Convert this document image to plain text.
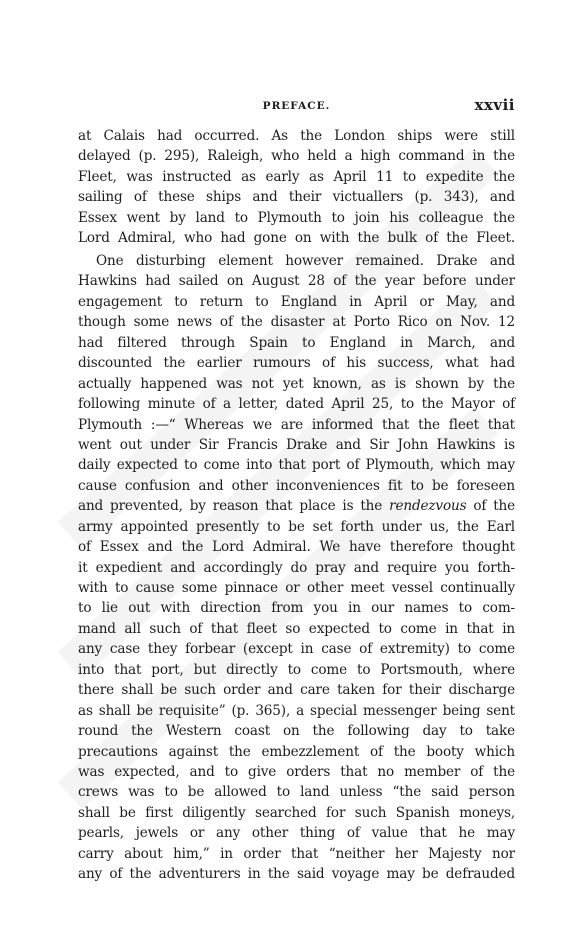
PREFACE.	xxvii
at Calais had occurred. As the London ships were still
delayed (p. 295), Raleigh, who held a high command in the
Fleet, was instructed as early as April 11 to expedite the
sailing of these ships and their victuallers (p. 343), and
Essex went by land to Plymouth to join his colleague the
Lord Admiral, who had gone on with the bulk of the Fleet.
One disturbing element however remained. Drake and
Hawkins had sailed on August 28 of the year before under
engagement to return to England in April or May, and
though some news of the disaster at Porto Rico on Nov. 12
had filtered through Spain to England in March, and
discounted the earlier rumours of his success, what had
actually happened was not yet known, as is shown by the
following minute of a letter, dated April 25, to the Mayor of
Plymouth :—“ Whereas we are informed that the fleet that
went out under Sir Francis Drake and Sir John Hawkins is
daily expected to come into that port of Plymouth, which may
cause confusion and other inconveniences fit to be foreseen
and prevented, by reason that place is the rendezvous of the
army appointed presently to be set forth under us, the Earl
of Essex and the Lord Admiral. We have therefore thought
it expedient and accordingly do pray and require you forth-
with to cause some pinnace or other meet vessel continually
to lie out with direction from you in our names to com-
mand all such of that fleet so expected to come in that in
any case they forbear (except in case of extremity) to come
into that port, but directly to come to Portsmouth, where
there shall be such order and care taken for their discharge
as shall be requisite” (p. 365), a special messenger being sent
round the Western coast on the following day to take
precautions against the embezzlement of the booty which
was expected, and to give orders that no member of the
crews was to be allowed to land unless “the said person
shall be first diligently searched for such Spanish moneys,
pearls, jewels or any other thing of value that he may
carry about him,” in order that “neither her Majesty nor
any of the adventurers in the said voyage may be defrauded
